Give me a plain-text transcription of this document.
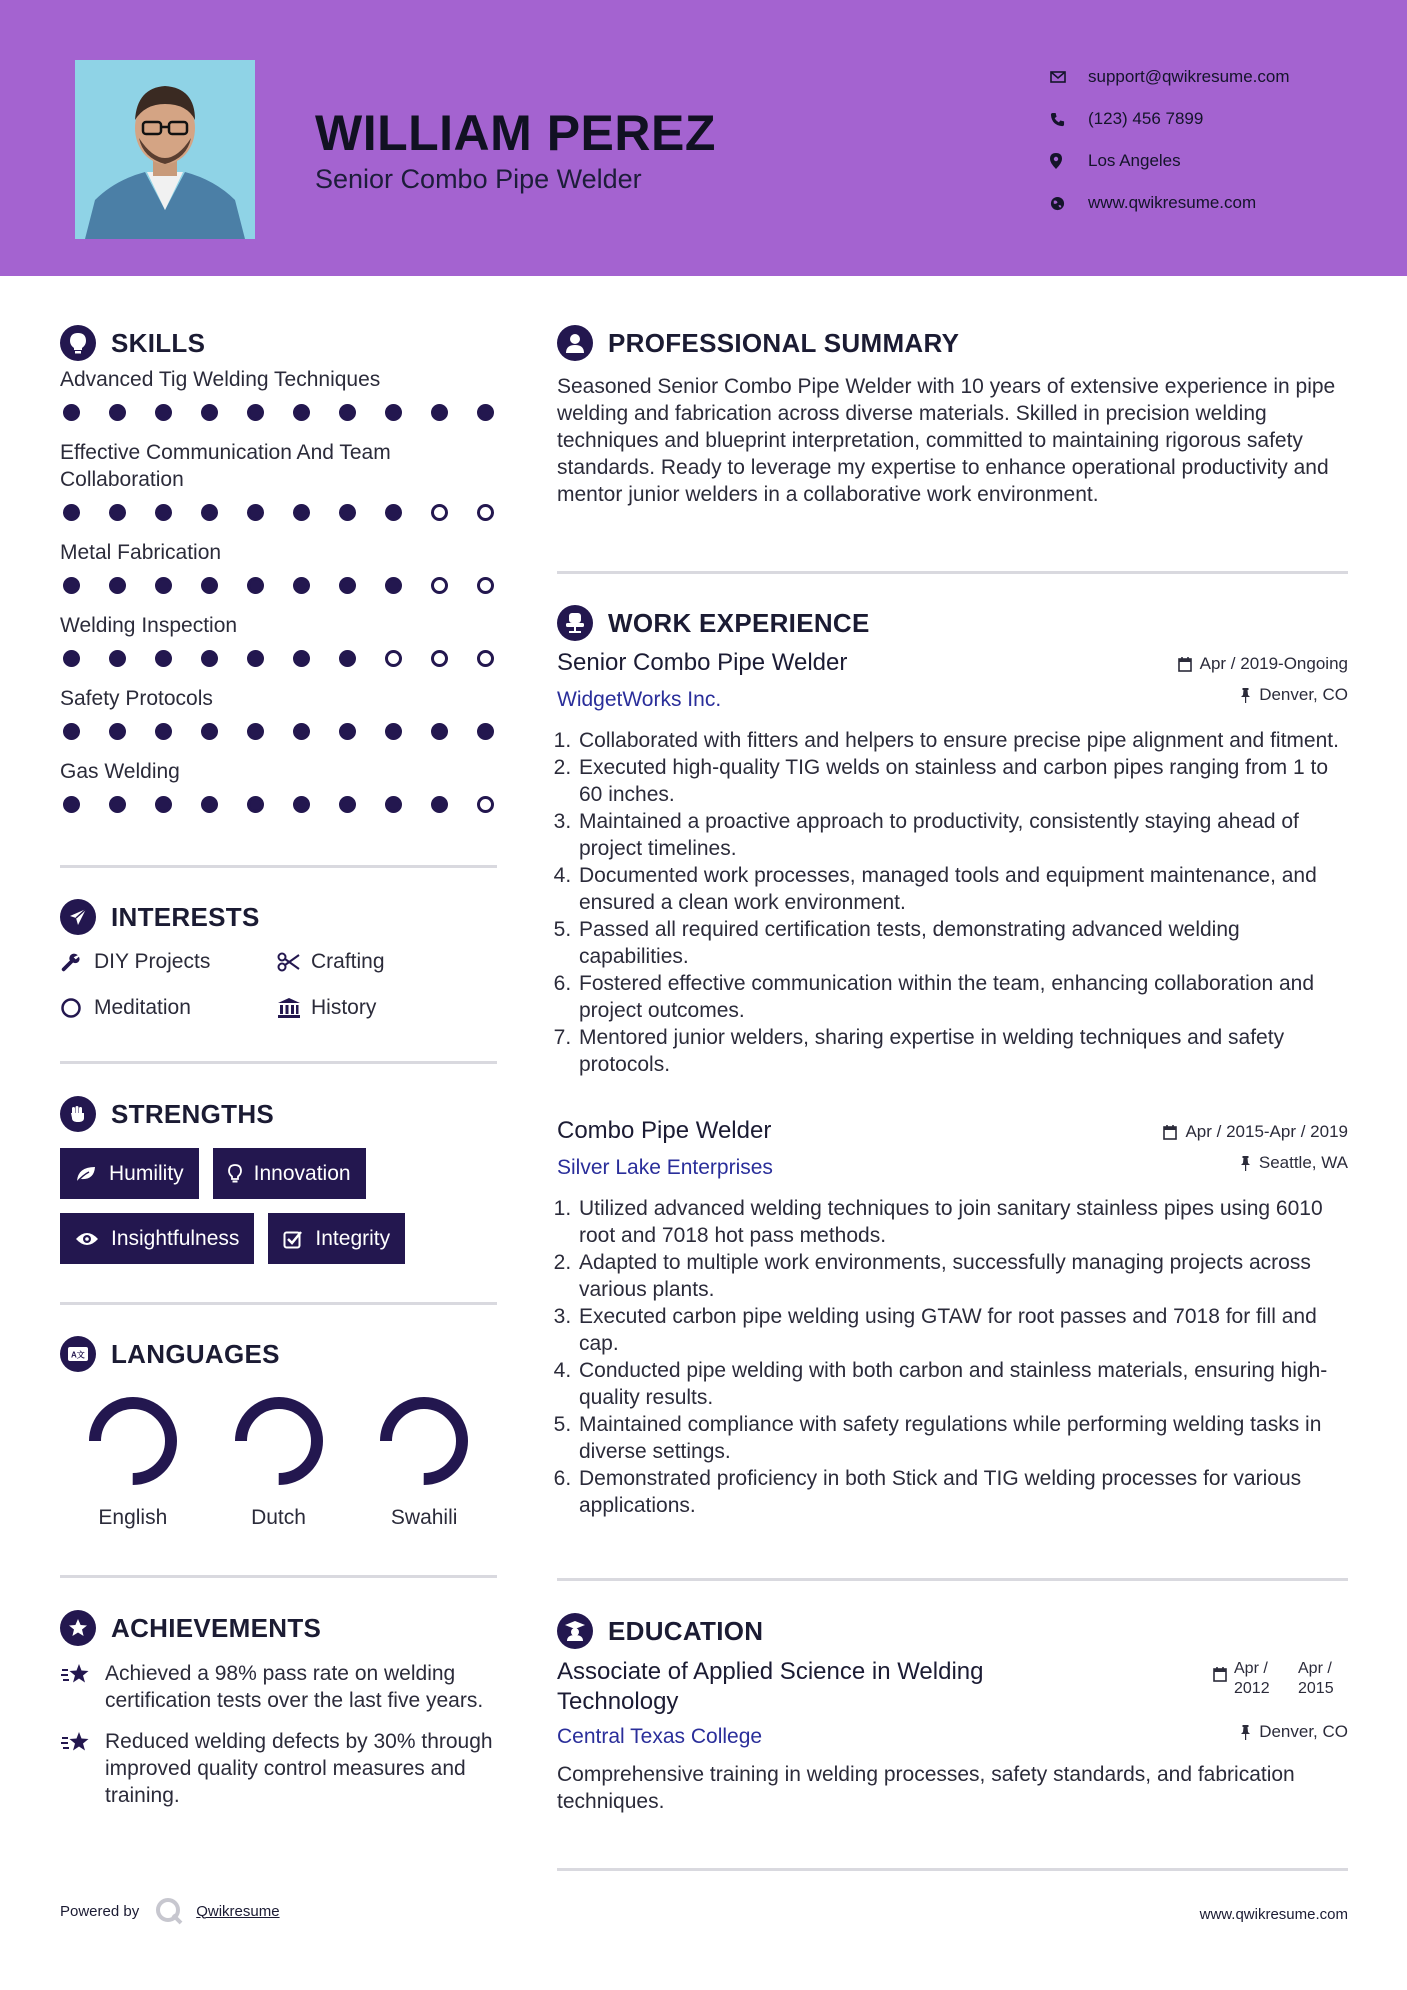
WILLIAM PEREZ
Senior Combo Pipe Welder
support@qwikresume.com
(123) 456 7899
Los Angeles
www.qwikresume.com
SKILLS
Advanced Tig Welding Techniques
Effective Communication And Team Collaboration
Metal Fabrication
Welding Inspection
Safety Protocols
Gas Welding
INTERESTS
DIY Projects	Crafting
Meditation	History
STRENGTHS
Humility	Innovation
Insightfulness	Integrity
A文 LANGUAGES
English	Dutch	Swahili
ACHIEVEMENTS
Achieved a 98% pass rate on welding certification tests over the last five years.
Reduced welding defects by 30% through improved quality control measures and training.
PROFESSIONAL SUMMARY
Seasoned Senior Combo Pipe Welder with 10 years of extensive experience in pipe welding and fabrication across diverse materials. Skilled in precision welding techniques and blueprint interpretation, committed to maintaining rigorous safety standards. Ready to leverage my expertise to enhance operational productivity and mentor junior welders in a collaborative work environment.
WORK EXPERIENCE
Senior Combo Pipe Welder	Apr / 2019-Ongoing
WidgetWorks Inc.	Denver, CO
1. Collaborated with fitters and helpers to ensure precise pipe alignment and fitment.
2. Executed high-quality TIG welds on stainless and carbon pipes ranging from 1 to 60 inches.
3. Maintained a proactive approach to productivity, consistently staying ahead of project timelines.
4. Documented work processes, managed tools and equipment maintenance, and ensured a clean work environment.
5. Passed all required certification tests, demonstrating advanced welding capabilities.
6. Fostered effective communication within the team, enhancing collaboration and project outcomes.
7. Mentored junior welders, sharing expertise in welding techniques and safety protocols.
Combo Pipe Welder	Apr / 2015-Apr / 2019
Silver Lake Enterprises	Seattle, WA
1. Utilized advanced welding techniques to join sanitary stainless pipes using 6010 root and 7018 hot pass methods.
2. Adapted to multiple work environments, successfully managing projects across various plants.
3. Executed carbon pipe welding using GTAW for root passes and 7018 for fill and cap.
4. Conducted pipe welding with both carbon and stainless materials, ensuring high-quality results.
5. Maintained compliance with safety regulations while performing welding tasks in diverse settings.
6. Demonstrated proficiency in both Stick and TIG welding processes for various applications.
EDUCATION
Associate of Applied Science in Welding Technology
Apr / 2012
Apr / 2015
Central Texas College	Denver, CO
Comprehensive training in welding processes, safety standards, and fabrication techniques.
Powered by	Qwikresume	www.qwikresume.com
